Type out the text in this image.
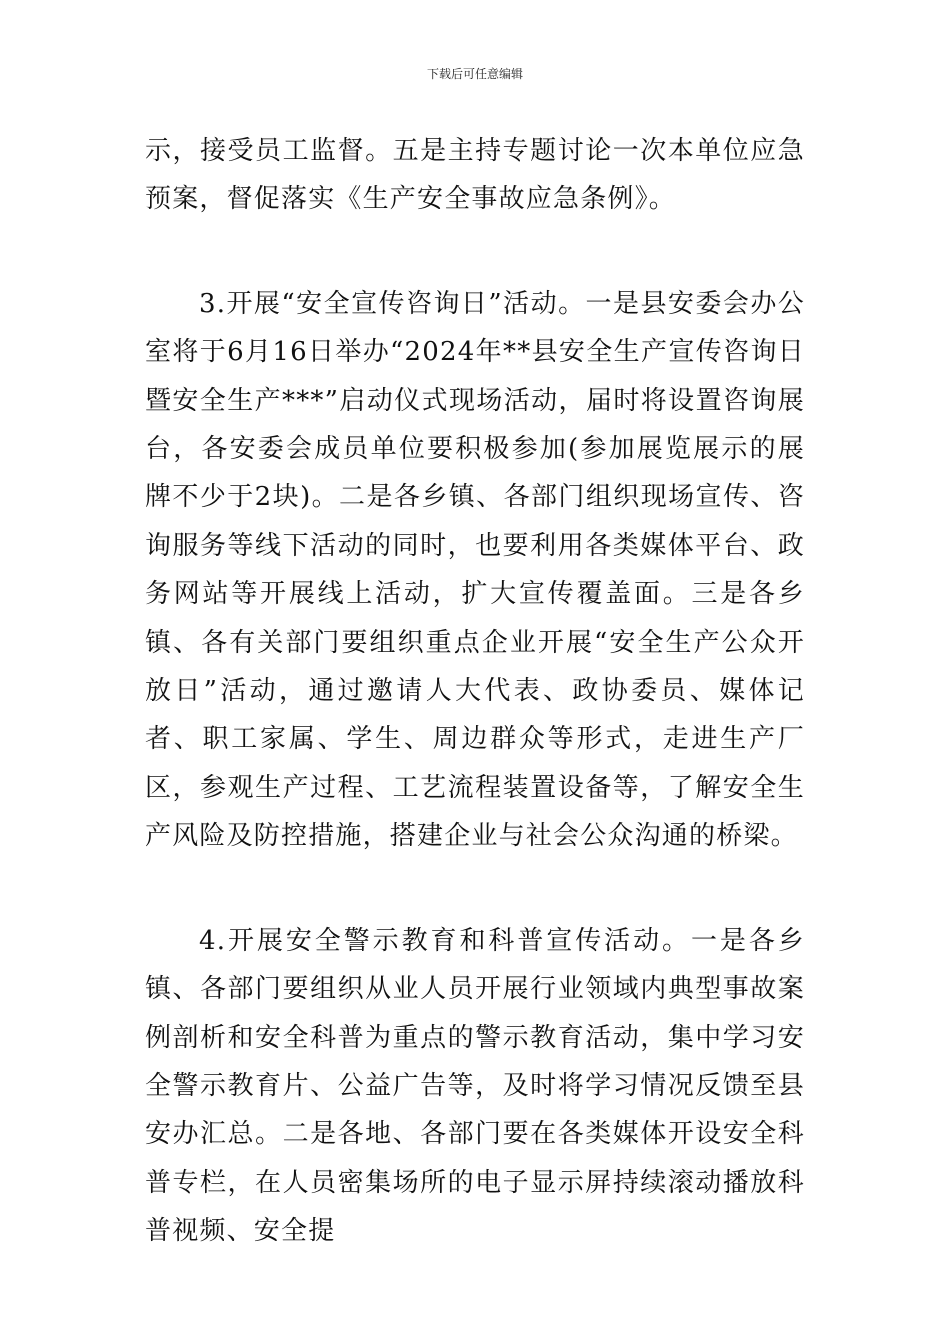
下载后可任意编辑

示，接受员工监督。五是主持专题讨论一次本单位应急预案，督促落实《生产安全事故应急条例》。

3.开展“安全宣传咨询日”活动。一是县安委会办公室将于6月16日举办“2024年**县安全生产宣传咨询日暨安全生产***”启动仪式现场活动，届时将设置咨询展台，各安委会成员单位要积极参加(参加展览展示的展牌不少于2块)。二是各乡镇、各部门组织现场宣传、咨询服务等线下活动的同时，也要利用各类媒体平台、政务网站等开展线上活动，扩大宣传覆盖面。三是各乡镇、各有关部门要组织重点企业开展“安全生产公众开放日”活动，通过邀请人大代表、政协委员、媒体记者、职工家属、学生、周边群众等形式，走进生产厂区，参观生产过程、工艺流程装置设备等，了解安全生产风险及防控措施，搭建企业与社会公众沟通的桥梁。

4.开展安全警示教育和科普宣传活动。一是各乡镇、各部门要组织从业人员开展行业领域内典型事故案例剖析和安全科普为重点的警示教育活动，集中学习安全警示教育片、公益广告等，及时将学习情况反馈至县安办汇总。二是各地、各部门要在各类媒体开设安全科普专栏，在人员密集场所的电子显示屏持续滚动播放科普视频、安全提
